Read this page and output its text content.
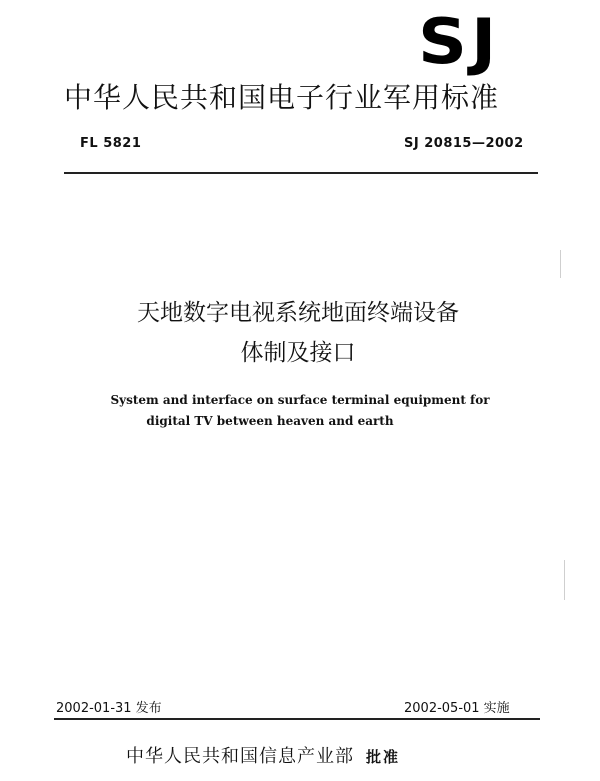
SJ
中华人民共和国电子行业军用标准
FL 5821	SJ 20815—2002
天地数字电视系统地面终端设备
体制及接口
System and interface on surface terminal equipment for
digital TV between heaven and earth
2002-01-31 发布	2002-05-01 实施
中华人民共和国信息产业部 批准
